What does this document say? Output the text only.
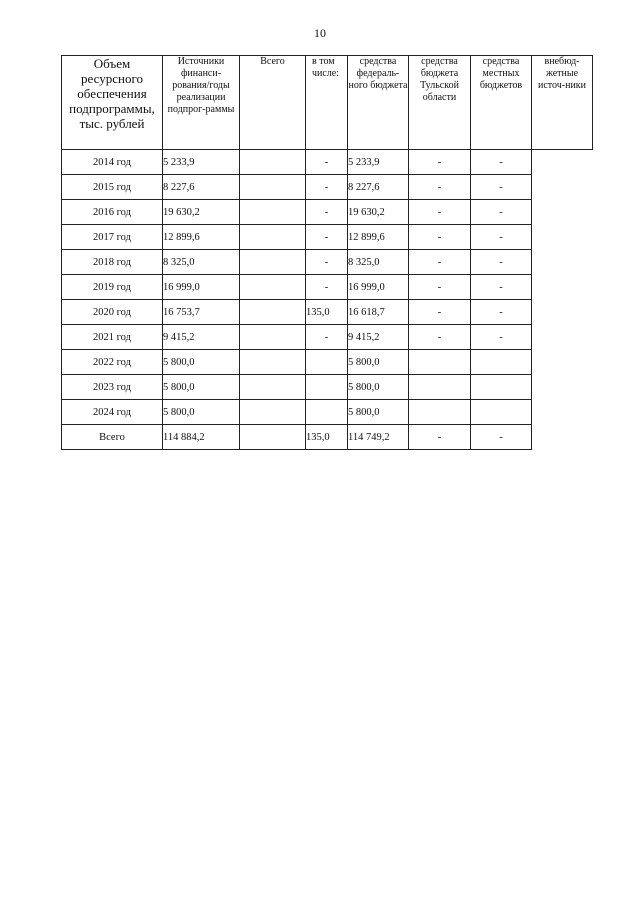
10
Объем ресурсного обеспечения подпрограммы, тыс. рублей	Источники финанси-рования/годы реализации подпрог-раммы	Всего	в том числе:	средства федераль-ного бюджета	средства бюджета Тульской области	средства местных бюджетов	внебюд-жетные источ-ники
2014 год	5 233,9		-	5 233,9	-	-	
2015 год	8 227,6		-	8 227,6	-	-	
2016 год	19 630,2		-	19 630,2	-	-	
2017 год	12 899,6		-	12 899,6	-	-	
2018 год	8 325,0		-	8 325,0	-	-	
2019 год	16 999,0		-	16 999,0	-	-	
2020 год	16 753,7		135,0	16 618,7	-	-	
2021 год	9 415,2		-	9 415,2	-	-	
2022 год	5 800,0			5 800,0			
2023 год	5 800,0			5 800,0			
2024 год	5 800,0			5 800,0			
Всего	114 884,2		135,0	114 749,2	-	-	
